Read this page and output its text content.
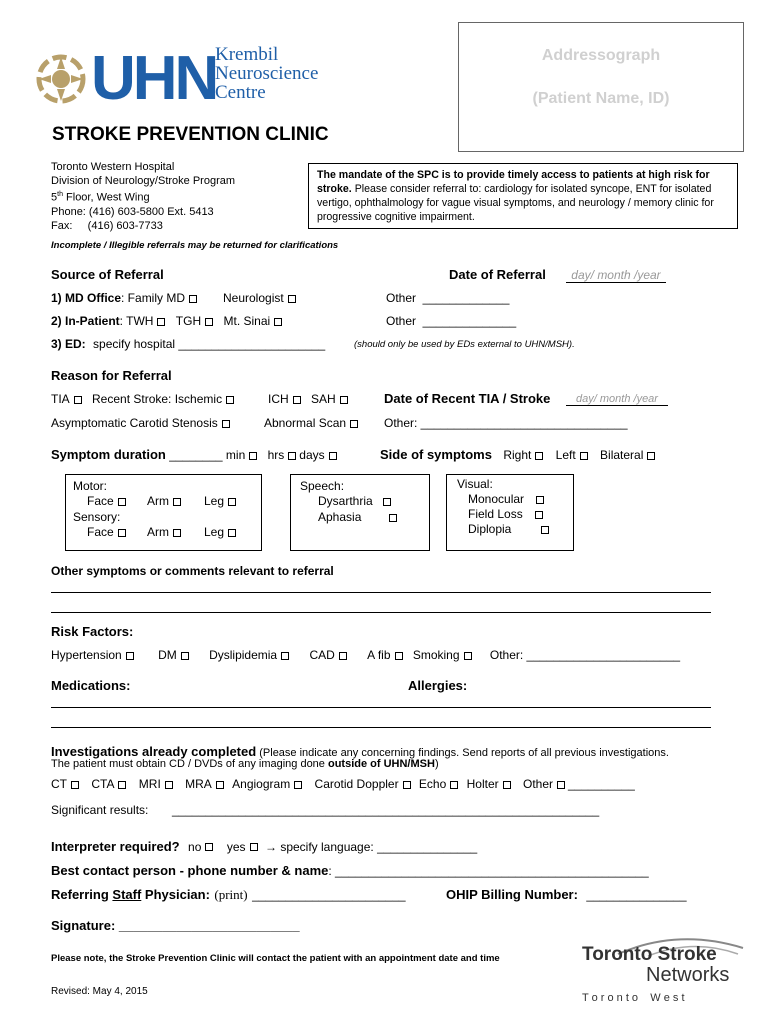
UHN
Krembil
Neuroscience
Centre
Addressograph
(Patient Name, ID)
STROKE PREVENTION CLINIC
Toronto Western Hospital
Division of Neurology/Stroke Program
5th Floor, West Wing
Phone: (416) 603-5800 Ext. 5413
Fax:     (416) 603-7733
The mandate of the SPC is to provide timely access to patients at high risk for stroke. Please consider referral to: cardiology for isolated syncope, ENT for isolated vertigo, ophthalmology for vague visual symptoms, and neurology / memory clinic for progressive cognitive impairment.
Incomplete / Illegible referrals may be returned for clarifications
Source of Referral	Date of Referral	day/ month /year
1) MD Office: Family MD	Neurologist	Other  _____________
2) In-Patient: TWH TGH Mt. Sinai	Other  ______________
3) ED: specify hospital ______________________	(should only be used by EDs external to UHN/MSH).
Reason for Referral
TIA Recent Stroke: Ischemic	ICH SAH	Date of Recent TIA / Stroke	day/ month /year
Asymptomatic Carotid Stenosis	Abnormal Scan	Other: _______________________________
Symptom duration ________ min hrs days	Side of symptoms Right Left Bilateral
Motor:
Face	Arm	Leg
Sensory:
Face	Arm	Leg
Speech:
Dysarthria
Aphasia
Visual:
Monocular
Field Loss
Diplopia
Other symptoms or comments relevant to referral
Risk Factors:
Hypertension	DM	Dyslipidemia	CAD	A fib Smoking	Other: _______________________
Medications:	Allergies:
Investigations already completed (Please indicate any concerning findings. Send reports of all previous investigations.
The patient must obtain CD / DVDs of any imaging done outside of UHN/MSH)
CT CTA MRI MRA Angiogram Carotid Doppler Echo Holter Other __________
Significant results: ________________________________________________________________
Interpreter required? no yes → specify language: _______________
Best contact person - phone number & name: _______________________________________________
Referring Staff Physician: (print) _______________________	OHIP Billing Number: _______________
Signature: _________________________
Please note, the Stroke Prevention Clinic will contact the patient with an appointment date and time
Revised: May 4, 2015
Toronto Stroke
Networks
T o r o n t o    W e s t
